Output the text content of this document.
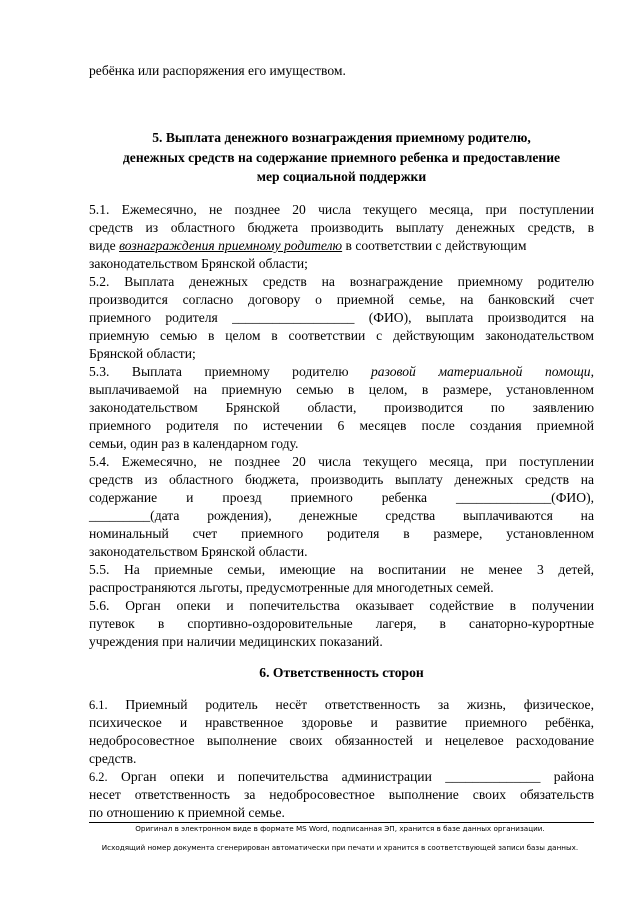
ребёнка или распоряжения его имуществом.
5. Выплата денежного вознаграждения приемному родителю,
денежных средств на содержание приемного ребенка и предоставление
мер социальной поддержки
5.1. Ежемесячно, не позднее 20 числа текущего месяца, при поступлении
средств из областного бюджета производить выплату денежных средств, в
виде вознаграждения приемному родителю в соответствии с действующим
законодательством Брянской области;
5.2. Выплата денежных средств на вознаграждение приемному родителю
производится согласно договору о приемной семье, на банковский счет
приемного родителя __________________ (ФИО), выплата производится на
приемную семью в целом в соответствии с действующим законодательством
Брянской области;
5.3. Выплата приемному родителю разовой материальной помощи,
выплачиваемой на приемную семью в целом, в размере, установленном
законодательством Брянской области, производится по заявлению
приемного родителя по истечении 6 месяцев после создания приемной
семьи, один раз в календарном году.
5.4. Ежемесячно, не позднее 20 числа текущего месяца, при поступлении
средств из областного бюджета, производить выплату денежных средств на
содержание и проезд приемного ребенка ______________(ФИО),
_________(дата рождения), денежные средства выплачиваются на
номинальный счет приемного родителя в размере, установленном
законодательством Брянской области.
5.5. На приемные семьи, имеющие на воспитании не менее 3 детей,
распространяются льготы, предусмотренные для многодетных семей.
5.6. Орган опеки и попечительства оказывает содействие в получении
путевок в спортивно-оздоровительные лагеря, в санаторно-курортные
учреждения при наличии медицинских показаний.
6. Ответственность сторон
6.1. Приемный родитель несёт ответственность за жизнь, физическое,
психическое и нравственное здоровье и развитие приемного ребёнка,
недобросовестное выполнение своих обязанностей и нецелевое расходование
средств.
6.2. Орган опеки и попечительства администрации ______________ района
несет ответственность за недобросовестное выполнение своих обязательств
по отношению к приемной семье.
Оригинал в электронном виде в формате MS Word, подписанная ЭП, хранится в базе данных организации.
Исходящий номер документа сгенерирован автоматически при печати и хранится в соответствующей записи базы данных.
